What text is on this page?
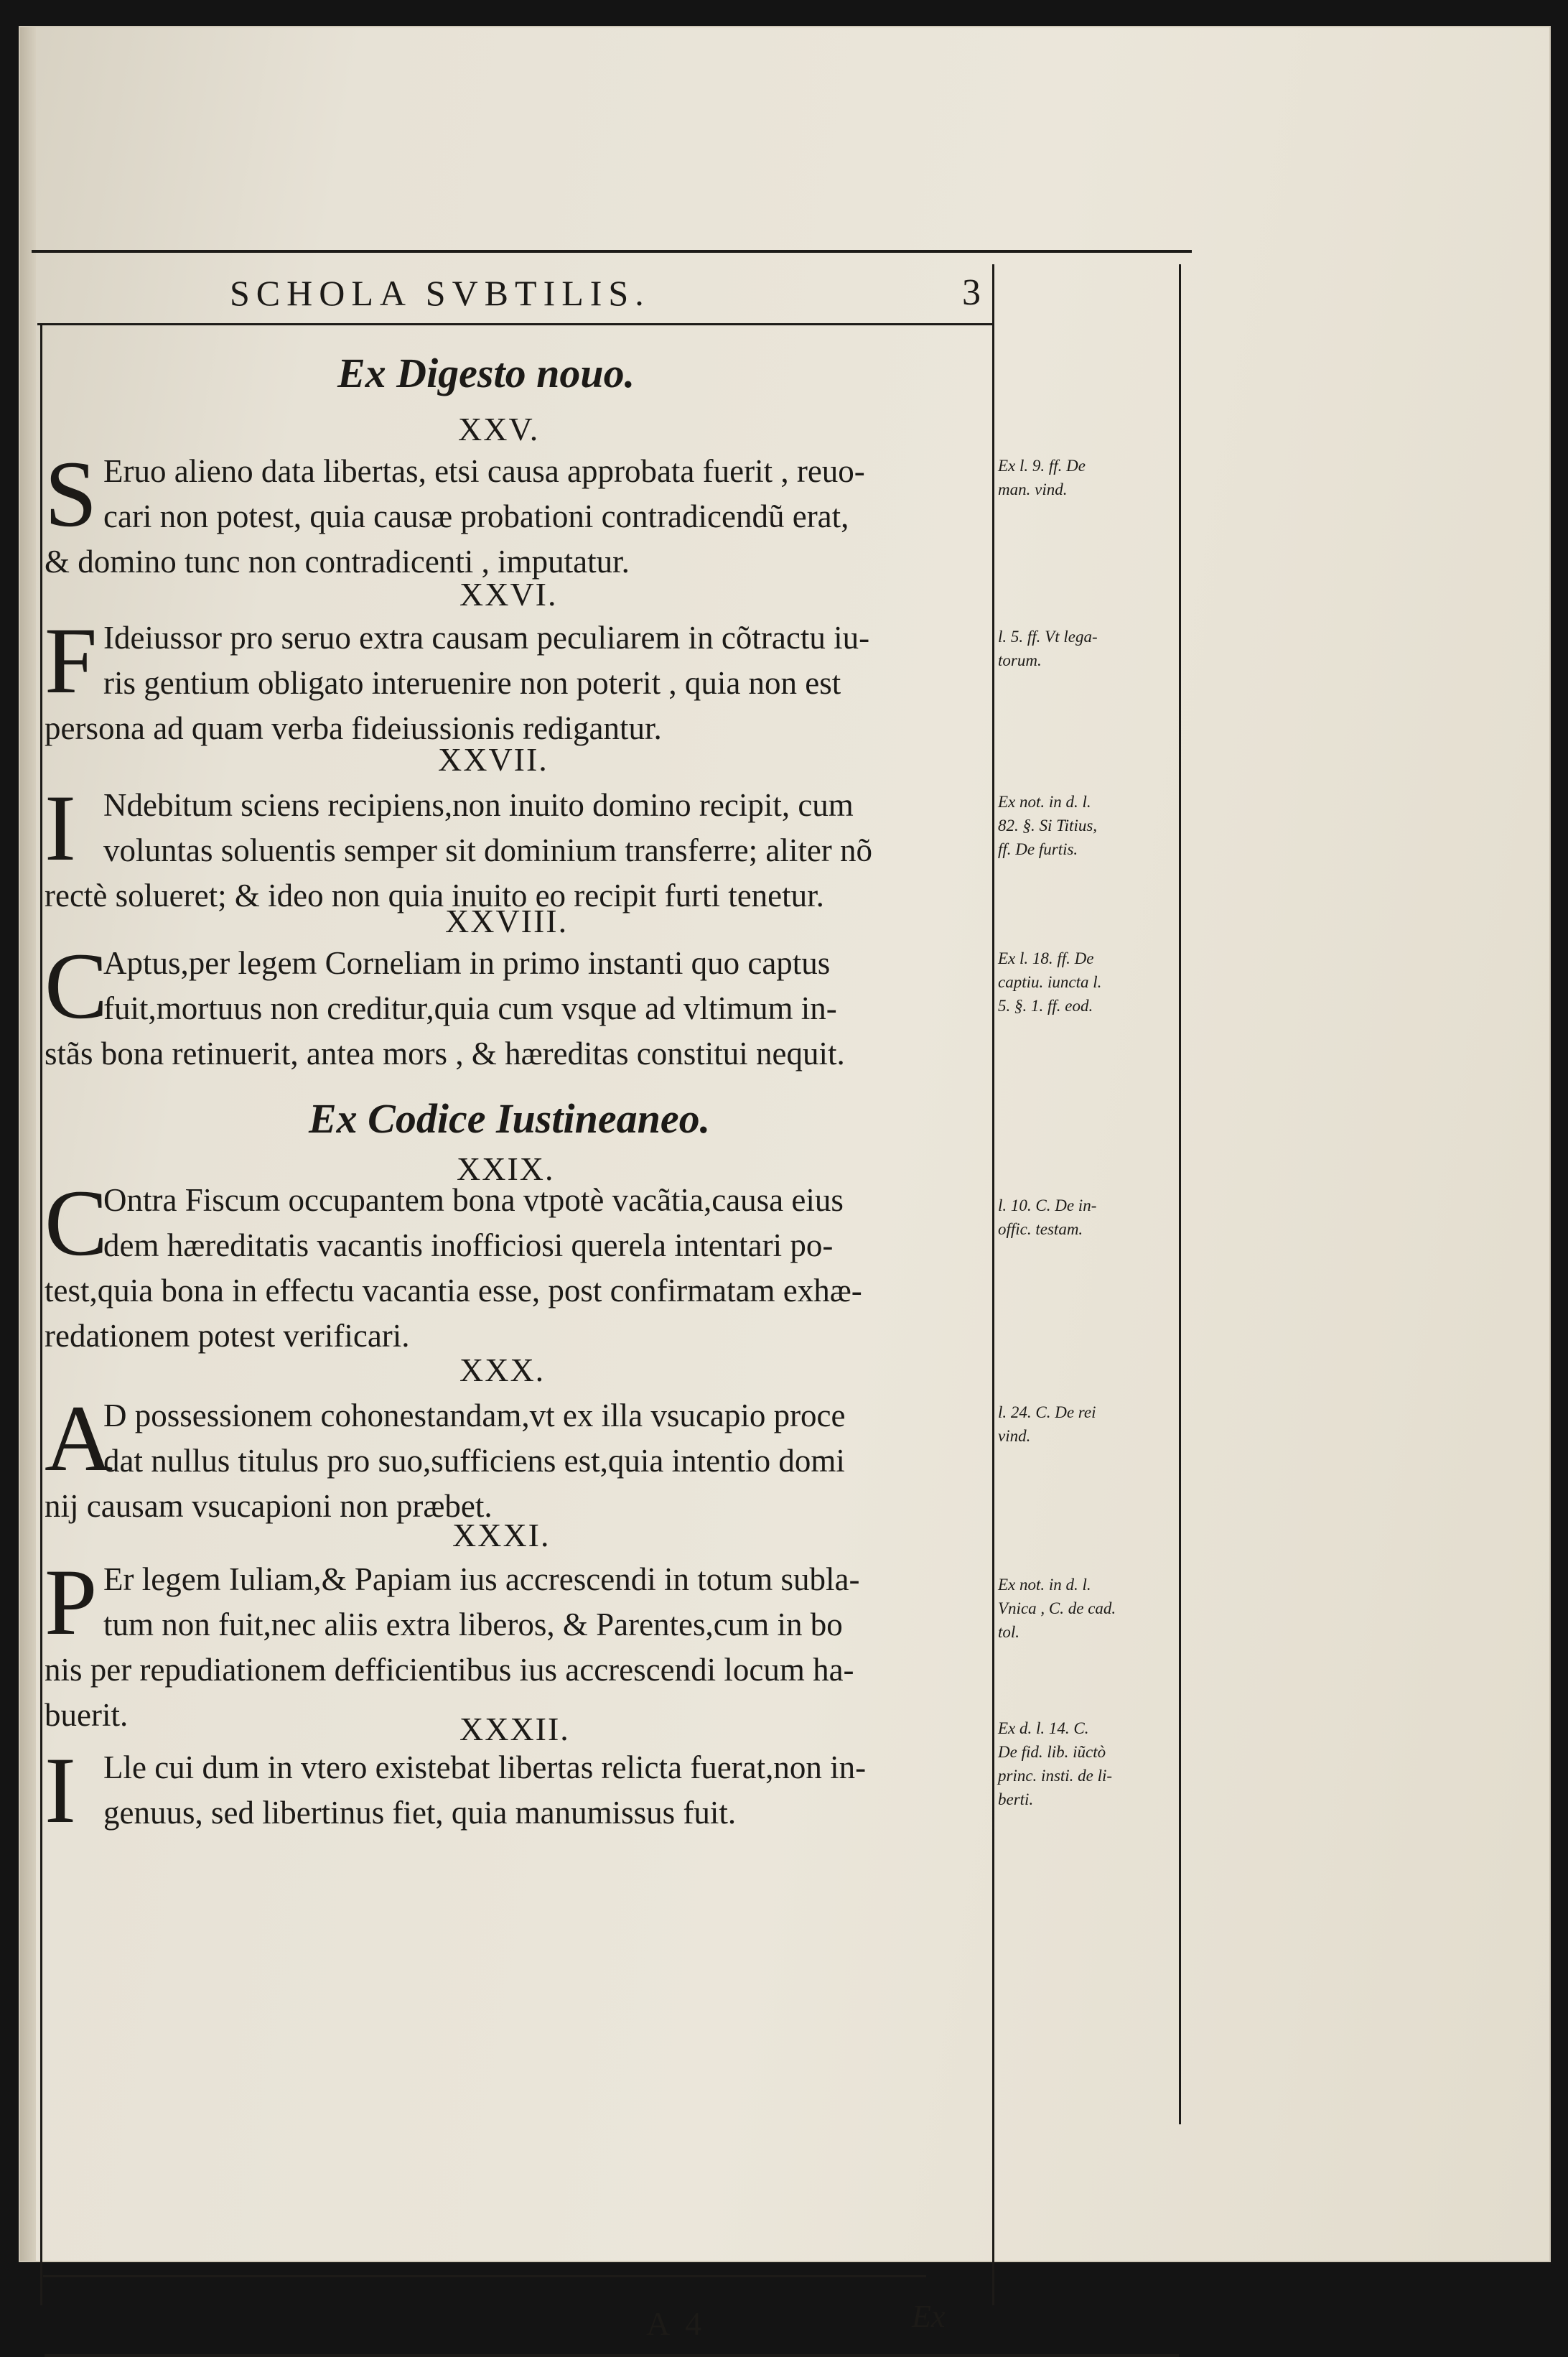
SCHOLA SVBTILIS.	3
Ex Digesto nouo.
Ex Codice Iustineaneo.
XXV.
S Eruo alieno data libertas, etsi causa approbata fuerit , reuo-
cari non potest, quia causæ probationi contradicendũ erat,
& domino tunc non contradicenti , imputatur.
Ex l. 9. ff. De
man. vind.
XXVI.
F Ideiussor pro seruo extra causam peculiarem in cõtractu iu-
ris gentium obligato interuenire non poterit , quia non est
persona ad quam verba fideiussionis redigantur.
l. 5. ff. Vt lega-
torum.
XXVII.
I Ndebitum sciens recipiens,non inuito domino recipit, cum
voluntas soluentis semper sit dominium transferre; aliter nõ
rectè solueret; & ideo non quia inuito eo recipit furti tenetur.
Ex not. in d. l.
82. §. Si Titius,
ff. De furtis.
XXVIII.
C
Aptus,per legem Corneliam in primo instanti quo captus
fuit,mortuus non creditur,quia cum vsque ad vltimum in-
stãs bona retinuerit, antea mors , & hæreditas constitui nequit.
Ex l. 18. ff. De
captiu. iuncta l.
5. §. 1. ff. eod.
XXIX.
C
Ontra Fiscum occupantem bona vtpotè vacãtia,causa eius
dem hæreditatis vacantis inofficiosi querela intentari po-
test,quia bona in effectu vacantia esse, post confirmatam exhæ-
redationem potest verificari.
l. 10. C. De in-
offic. testam.
XXX.
A
D possessionem cohonestandam,vt ex illa vsucapio proce
dat nullus titulus pro suo,sufficiens est,quia intentio domi
nij causam vsucapioni non præbet.
l. 24. C. De rei
vind.
XXXI.
P Er legem Iuliam,& Papiam ius accrescendi in totum subla-
tum non fuit,nec aliis extra liberos, & Parentes,cum in bo
nis per repudiationem defficientibus ius accrescendi locum ha-
buerit.
Ex not. in d. l.
Vnica , C. de cad.
tol.
XXXII.
I Lle cui dum in vtero existebat libertas relicta fuerat,non in-
genuus, sed libertinus fiet, quia manumissus fuit.
Ex d. l. 14. C.
De fid. lib. iũctò
princ. insti. de li-
berti.
A 4	Ex
